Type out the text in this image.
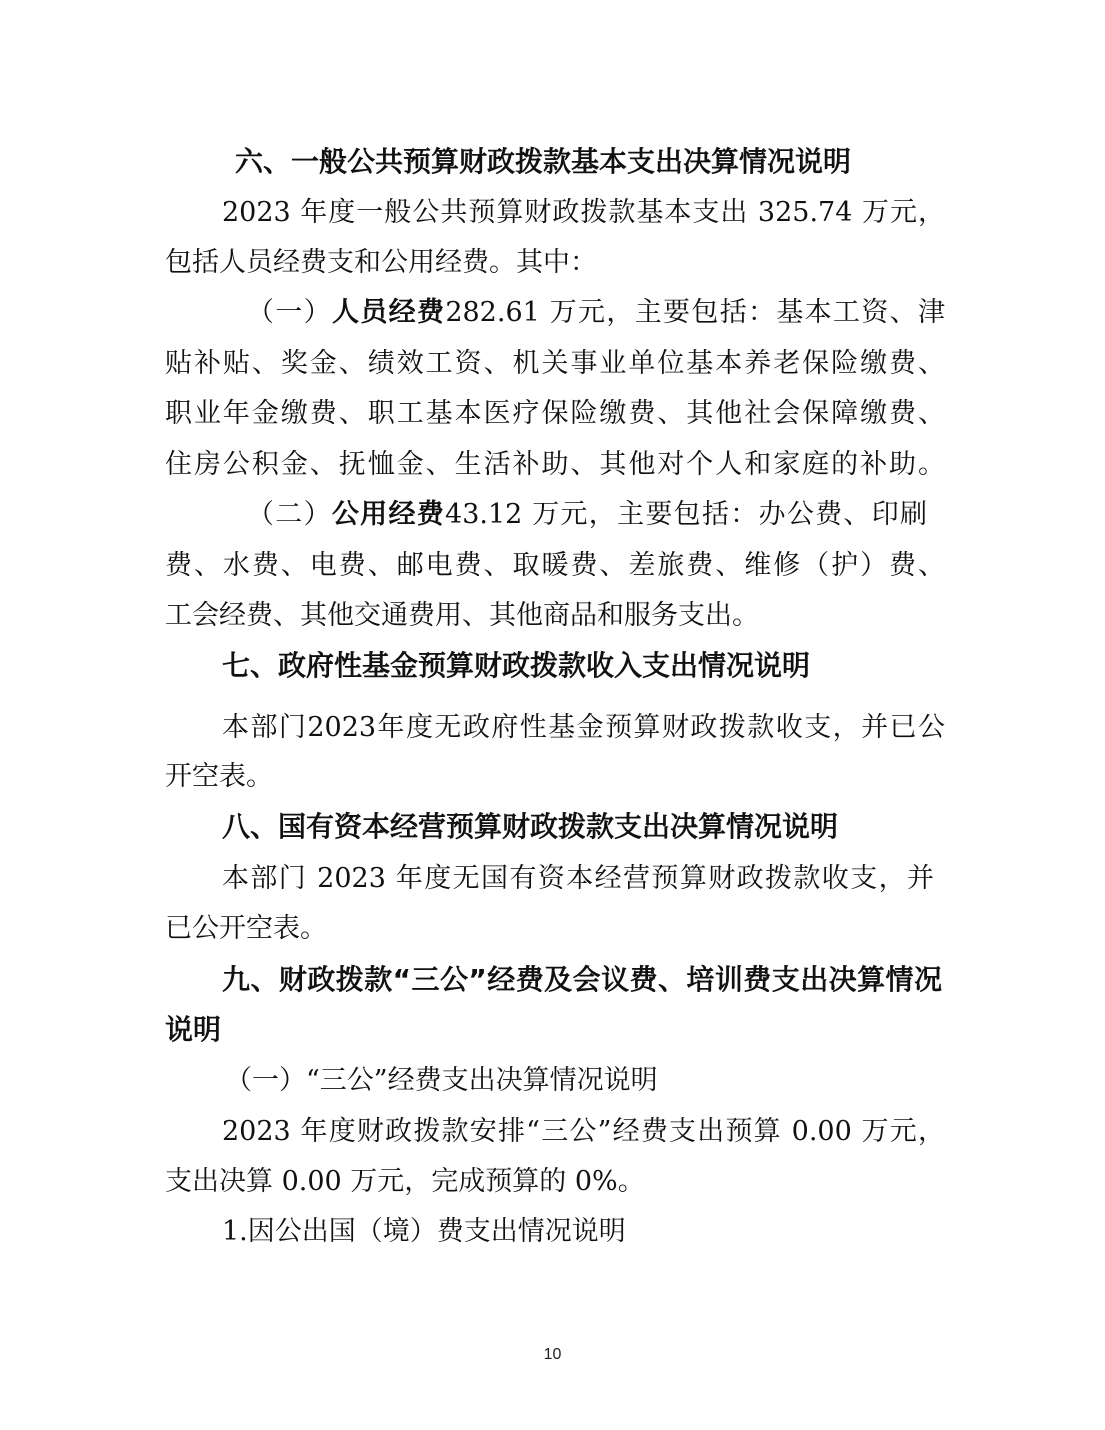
六、一般公共预算财政拨款基本支出决算情况说明
2023 年度一般公共预算财政拨款基本支出 325.74 万元，
包括人员经费支和公用经费。其中：
（一）人员经费282.61 万元，主要包括：基本工资、津
贴补贴、奖金、绩效工资、机关事业单位基本养老保险缴费、
职业年金缴费、职工基本医疗保险缴费、其他社会保障缴费、
住房公积金、抚恤金、生活补助、其他对个人和家庭的补助。
（二）公用经费43.12 万元，主要包括：办公费、印刷
费、水费、电费、邮电费、取暖费、差旅费、维修（护）费、
工会经费、其他交通费用、其他商品和服务支出。
七、政府性基金预算财政拨款收入支出情况说明
本部门2023年度无政府性基金预算财政拨款收支，并已公
开空表。
八、国有资本经营预算财政拨款支出决算情况说明
本部门 2023 年度无国有资本经营预算财政拨款收支，并
已公开空表。
九、财政拨款“三公”经费及会议费、培训费支出决算情况
说明
（一）“三公”经费支出决算情况说明
2023 年度财政拨款安排“三公”经费支出预算 0.00 万元，
支出决算 0.00 万元，完成预算的 0%。
1.因公出国（境）费支出情况说明
10
